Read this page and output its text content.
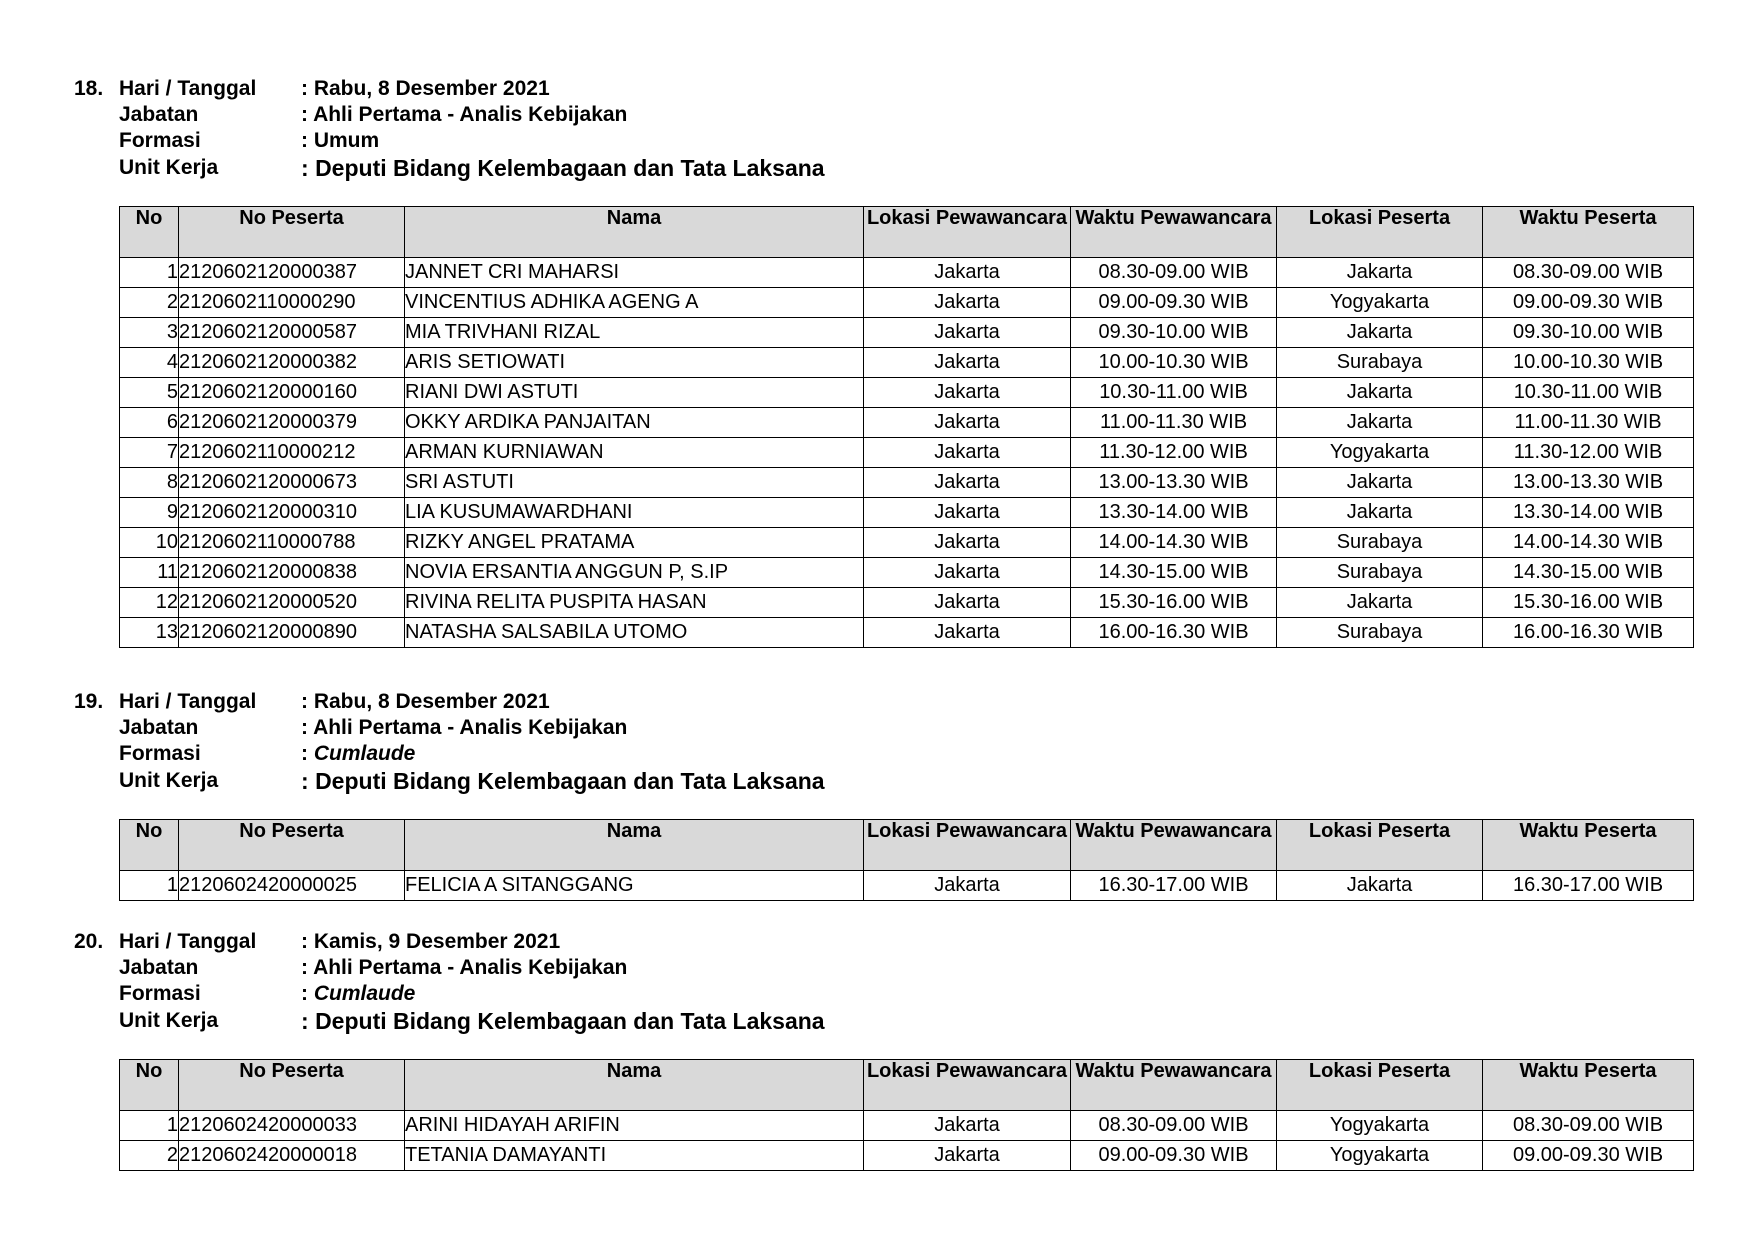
18. Hari / Tanggal : Rabu, 8 Desember 2021
Jabatan	: Ahli Pertama - Analis Kebijakan
Formasi	: Umum
Unit Kerja	: Deputi Bidang Kelembagaan dan Tata Laksana
No	No Peserta	Nama	Lokasi Pewawancara	Waktu Pewawancara	Lokasi Peserta	Waktu Peserta
1	2120602120000387	JANNET CRI MAHARSI	Jakarta	08.30-09.00 WIB	Jakarta	08.30-09.00 WIB
2	2120602110000290	VINCENTIUS ADHIKA AGENG A	Jakarta	09.00-09.30 WIB	Yogyakarta	09.00-09.30 WIB
3	2120602120000587	MIA TRIVHANI RIZAL	Jakarta	09.30-10.00 WIB	Jakarta	09.30-10.00 WIB
4	2120602120000382	ARIS SETIOWATI	Jakarta	10.00-10.30 WIB	Surabaya	10.00-10.30 WIB
5	2120602120000160	RIANI DWI ASTUTI	Jakarta	10.30-11.00 WIB	Jakarta	10.30-11.00 WIB
6	2120602120000379	OKKY ARDIKA PANJAITAN	Jakarta	11.00-11.30 WIB	Jakarta	11.00-11.30 WIB
7	2120602110000212	ARMAN KURNIAWAN	Jakarta	11.30-12.00 WIB	Yogyakarta	11.30-12.00 WIB
8	2120602120000673	SRI ASTUTI	Jakarta	13.00-13.30 WIB	Jakarta	13.00-13.30 WIB
9	2120602120000310	LIA KUSUMAWARDHANI	Jakarta	13.30-14.00 WIB	Jakarta	13.30-14.00 WIB
10	2120602110000788	RIZKY ANGEL PRATAMA	Jakarta	14.00-14.30 WIB	Surabaya	14.00-14.30 WIB
11	2120602120000838	NOVIA ERSANTIA ANGGUN P, S.IP	Jakarta	14.30-15.00 WIB	Surabaya	14.30-15.00 WIB
12	2120602120000520	RIVINA RELITA PUSPITA HASAN	Jakarta	15.30-16.00 WIB	Jakarta	15.30-16.00 WIB
13	2120602120000890	NATASHA SALSABILA UTOMO	Jakarta	16.00-16.30 WIB	Surabaya	16.00-16.30 WIB
19. Hari / Tanggal : Rabu, 8 Desember 2021
Jabatan	: Ahli Pertama - Analis Kebijakan
Formasi	: Cumlaude
Unit Kerja	: Deputi Bidang Kelembagaan dan Tata Laksana
No	No Peserta	Nama	Lokasi Pewawancara	Waktu Pewawancara	Lokasi Peserta	Waktu Peserta
1	2120602420000025	FELICIA A SITANGGANG	Jakarta	16.30-17.00 WIB	Jakarta	16.30-17.00 WIB
20. Hari / Tanggal : Kamis, 9 Desember 2021
Jabatan	: Ahli Pertama - Analis Kebijakan
Formasi	: Cumlaude
Unit Kerja	: Deputi Bidang Kelembagaan dan Tata Laksana
No	No Peserta	Nama	Lokasi Pewawancara	Waktu Pewawancara	Lokasi Peserta	Waktu Peserta
1	2120602420000033	ARINI HIDAYAH ARIFIN	Jakarta	08.30-09.00 WIB	Yogyakarta	08.30-09.00 WIB
2	2120602420000018	TETANIA DAMAYANTI	Jakarta	09.00-09.30 WIB	Yogyakarta	09.00-09.30 WIB
